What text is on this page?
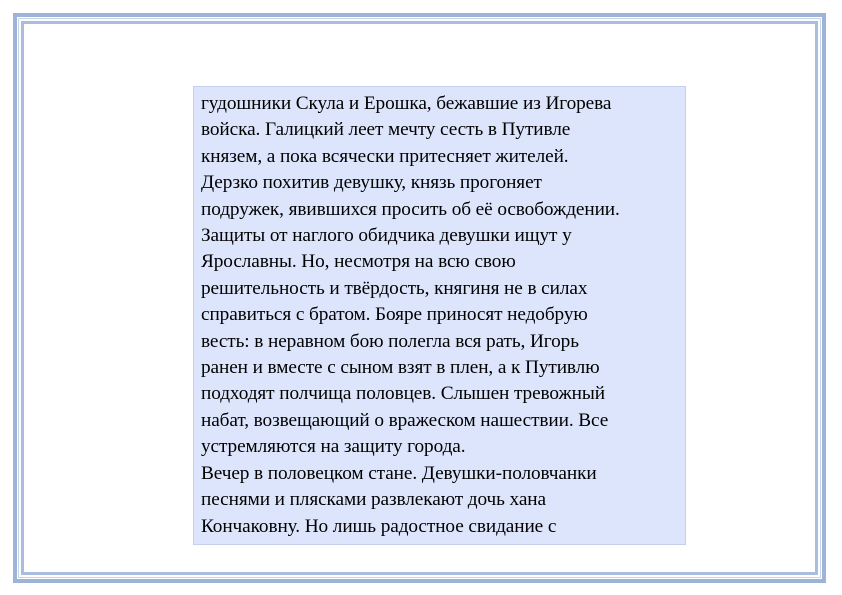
гудошники Скула и Ерошка, бежавшие из Игорева
войска. Галицкий леет мечту сесть в Путивле
князем, а пока всячески притесняет жителей.
Дерзко похитив девушку, князь прогоняет
подружек, явившихся просить об её освобождении.
Защиты от наглого обидчика девушки ищут у
Ярославны. Но, несмотря на всю свою
решительность и твёрдость, княгиня не в силах
справиться с братом. Бояре приносят недобрую
весть: в неравном бою полегла вся рать, Игорь
ранен и вместе с сыном взят в плен, а к Путивлю
подходят полчища половцев. Слышен тревожный
набат, возвещающий о вражеском нашествии. Все
устремляются на защиту города.

Вечер в половецком стане. Девушки-половчанки
песнями и плясками развлекают дочь хана
Кончаковну. Но лишь радостное свидание с
